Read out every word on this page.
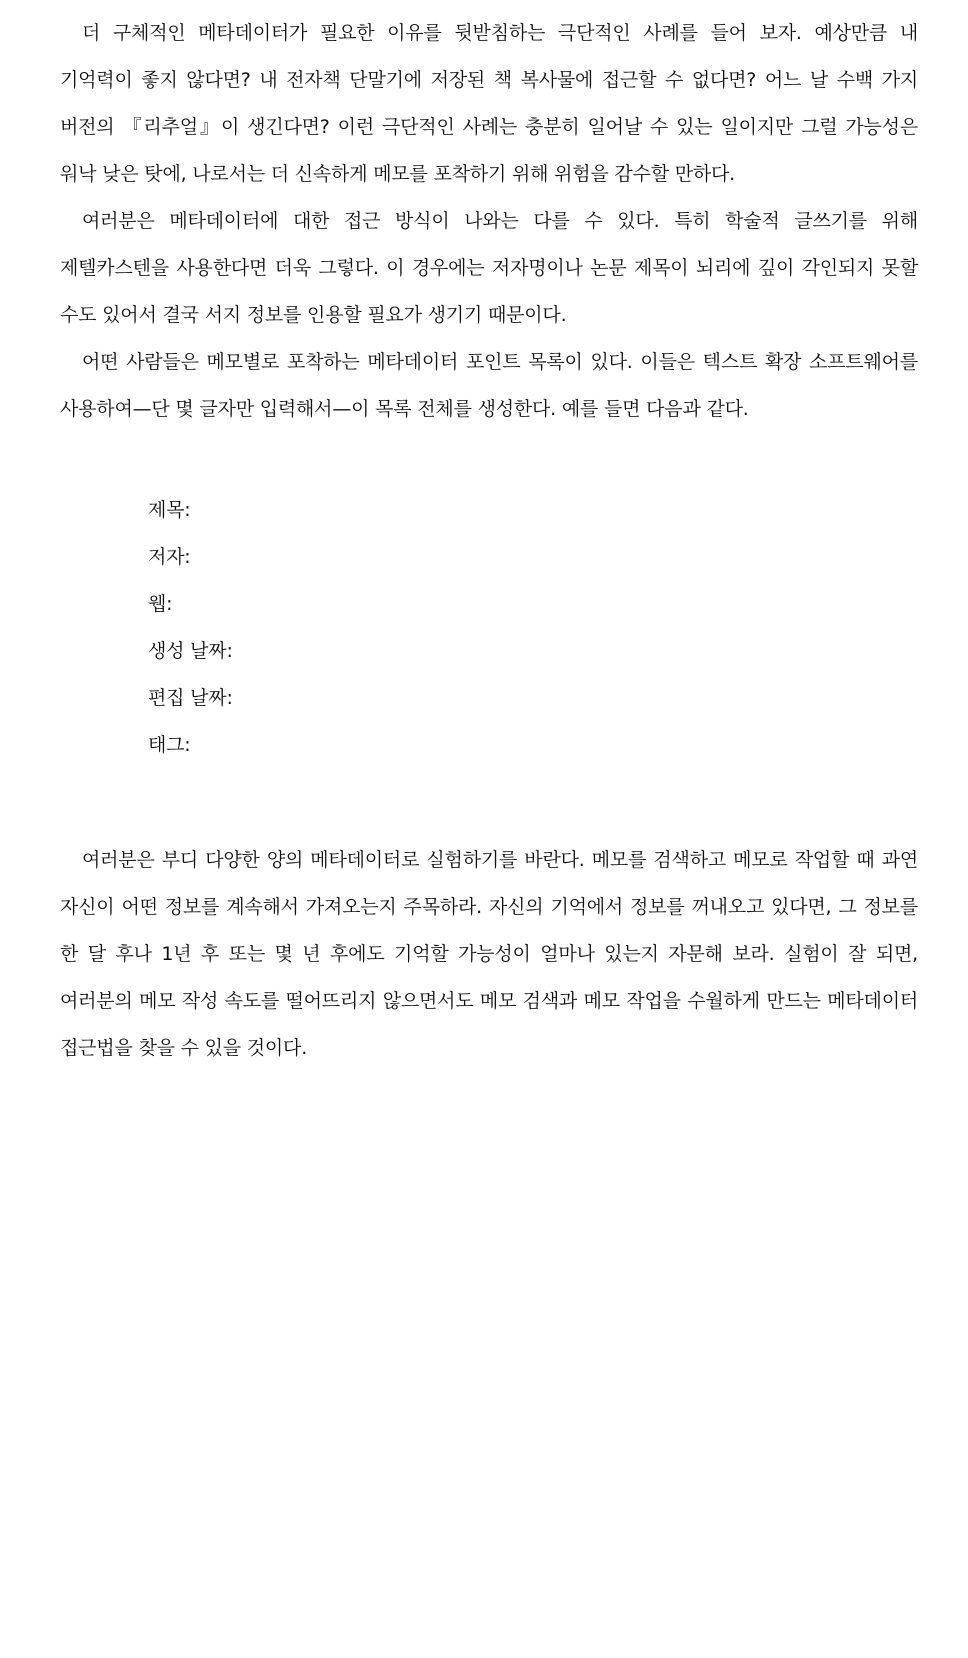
더 구체적인 메타데이터가 필요한 이유를 뒷받침하는 극단적인 사례를 들어 보자. 예상만큼 내 기억력이 좋지 않다면? 내 전자책 단말기에 저장된 책 복사물에 접근할 수 없다면? 어느 날 수백 가지 버전의 『리추얼』이 생긴다면? 이런 극단적인 사례는 충분히 일어날 수 있는 일이지만 그럴 가능성은 워낙 낮은 탓에, 나로서는 더 신속하게 메모를 포착하기 위해 위험을 감수할 만하다.

여러분은 메타데이터에 대한 접근 방식이 나와는 다를 수 있다. 특히 학술적 글쓰기를 위해 제텔카스텐을 사용한다면 더욱 그렇다. 이 경우에는 저자명이나 논문 제목이 뇌리에 깊이 각인되지 못할 수도 있어서 결국 서지 정보를 인용할 필요가 생기기 때문이다.

어떤 사람들은 메모별로 포착하는 메타데이터 포인트 목록이 있다. 이들은 텍스트 확장 소프트웨어를 사용하여—단 몇 글자만 입력해서—이 목록 전체를 생성한다. 예를 들면 다음과 같다.

제목:
저자:
웹:
생성 날짜:
편집 날짜:
태그:

여러분은 부디 다양한 양의 메타데이터로 실험하기를 바란다. 메모를 검색하고 메모로 작업할 때 과연 자신이 어떤 정보를 계속해서 가져오는지 주목하라. 자신의 기억에서 정보를 꺼내오고 있다면, 그 정보를 한 달 후나 1년 후 또는 몇 년 후에도 기억할 가능성이 얼마나 있는지 자문해 보라. 실험이 잘 되면, 여러분의 메모 작성 속도를 떨어뜨리지 않으면서도 메모 검색과 메모 작업을 수월하게 만드는 메타데이터 접근법을 찾을 수 있을 것이다.
